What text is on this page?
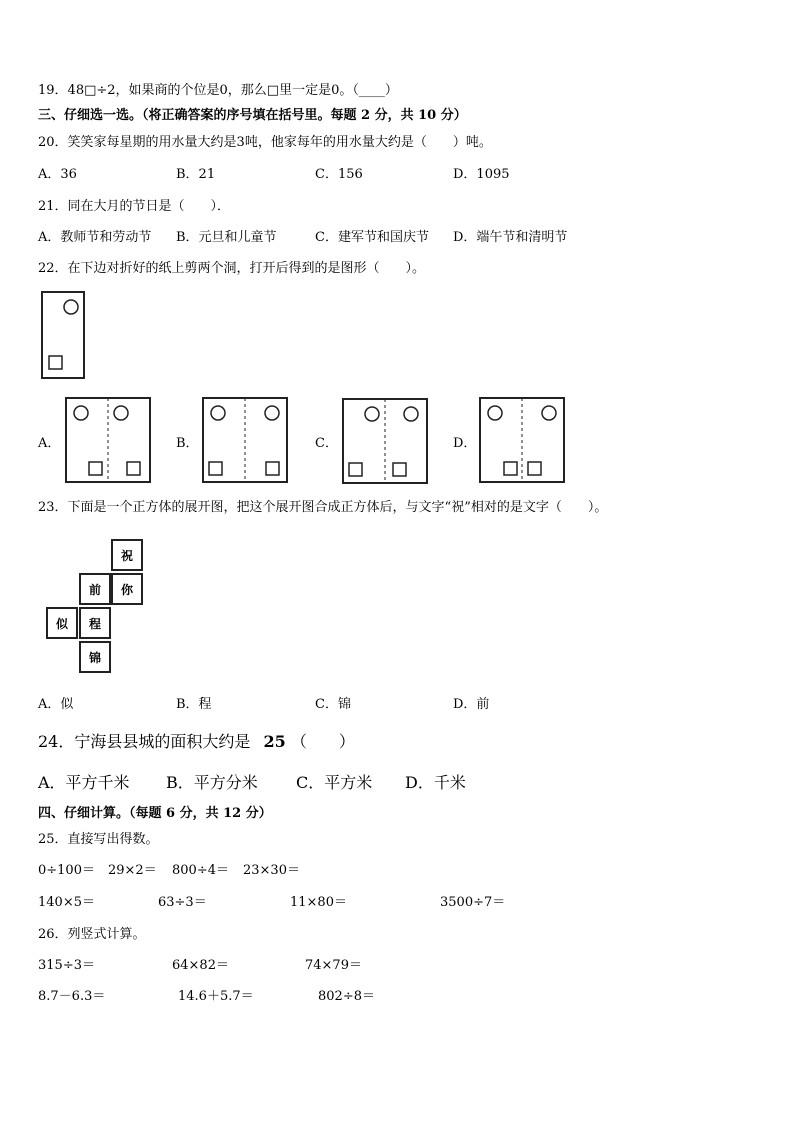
19．48□÷2，如果商的个位是0，那么□里一定是0。（____）
三、仔细选一选。（将正确答案的序号填在括号里。每题 2 分，共 10 分）
20．笑笑家每星期的用水量大约是3吨，他家每年的用水量大约是（　　）吨。
A．36	B．21	C．156	D．1095
21．同在大月的节日是（　　）．
A．教师节和劳动节 B．元旦和儿童节	C．建军节和国庆节 D．端午节和清明节
22．在下边对折好的纸上剪两个洞，打开后得到的是图形（　　）。
A．	B．	C．	D．
23．下面是一个正方体的展开图，把这个展开图合成正方体后，与文字“祝”相对的是文字（　　）。
祝
前	你
似	程
锦
A．似	B．程	C．锦	D．前
24．宁海县县城的面积大约是 25 （　　）
A．平方千米 B．平方分米 C．平方米 D．千米
四、仔细计算。（每题 6 分，共 12 分）
25．直接写出得数。
0÷100＝ 29×2＝ 800÷4＝ 23×30＝
140×5＝	63÷3＝	11×80＝	3500÷7＝
26．列竖式计算。
315÷3＝	64×82＝	74×79＝
8.7－6.3＝	14.6＋5.7＝	802÷8＝
